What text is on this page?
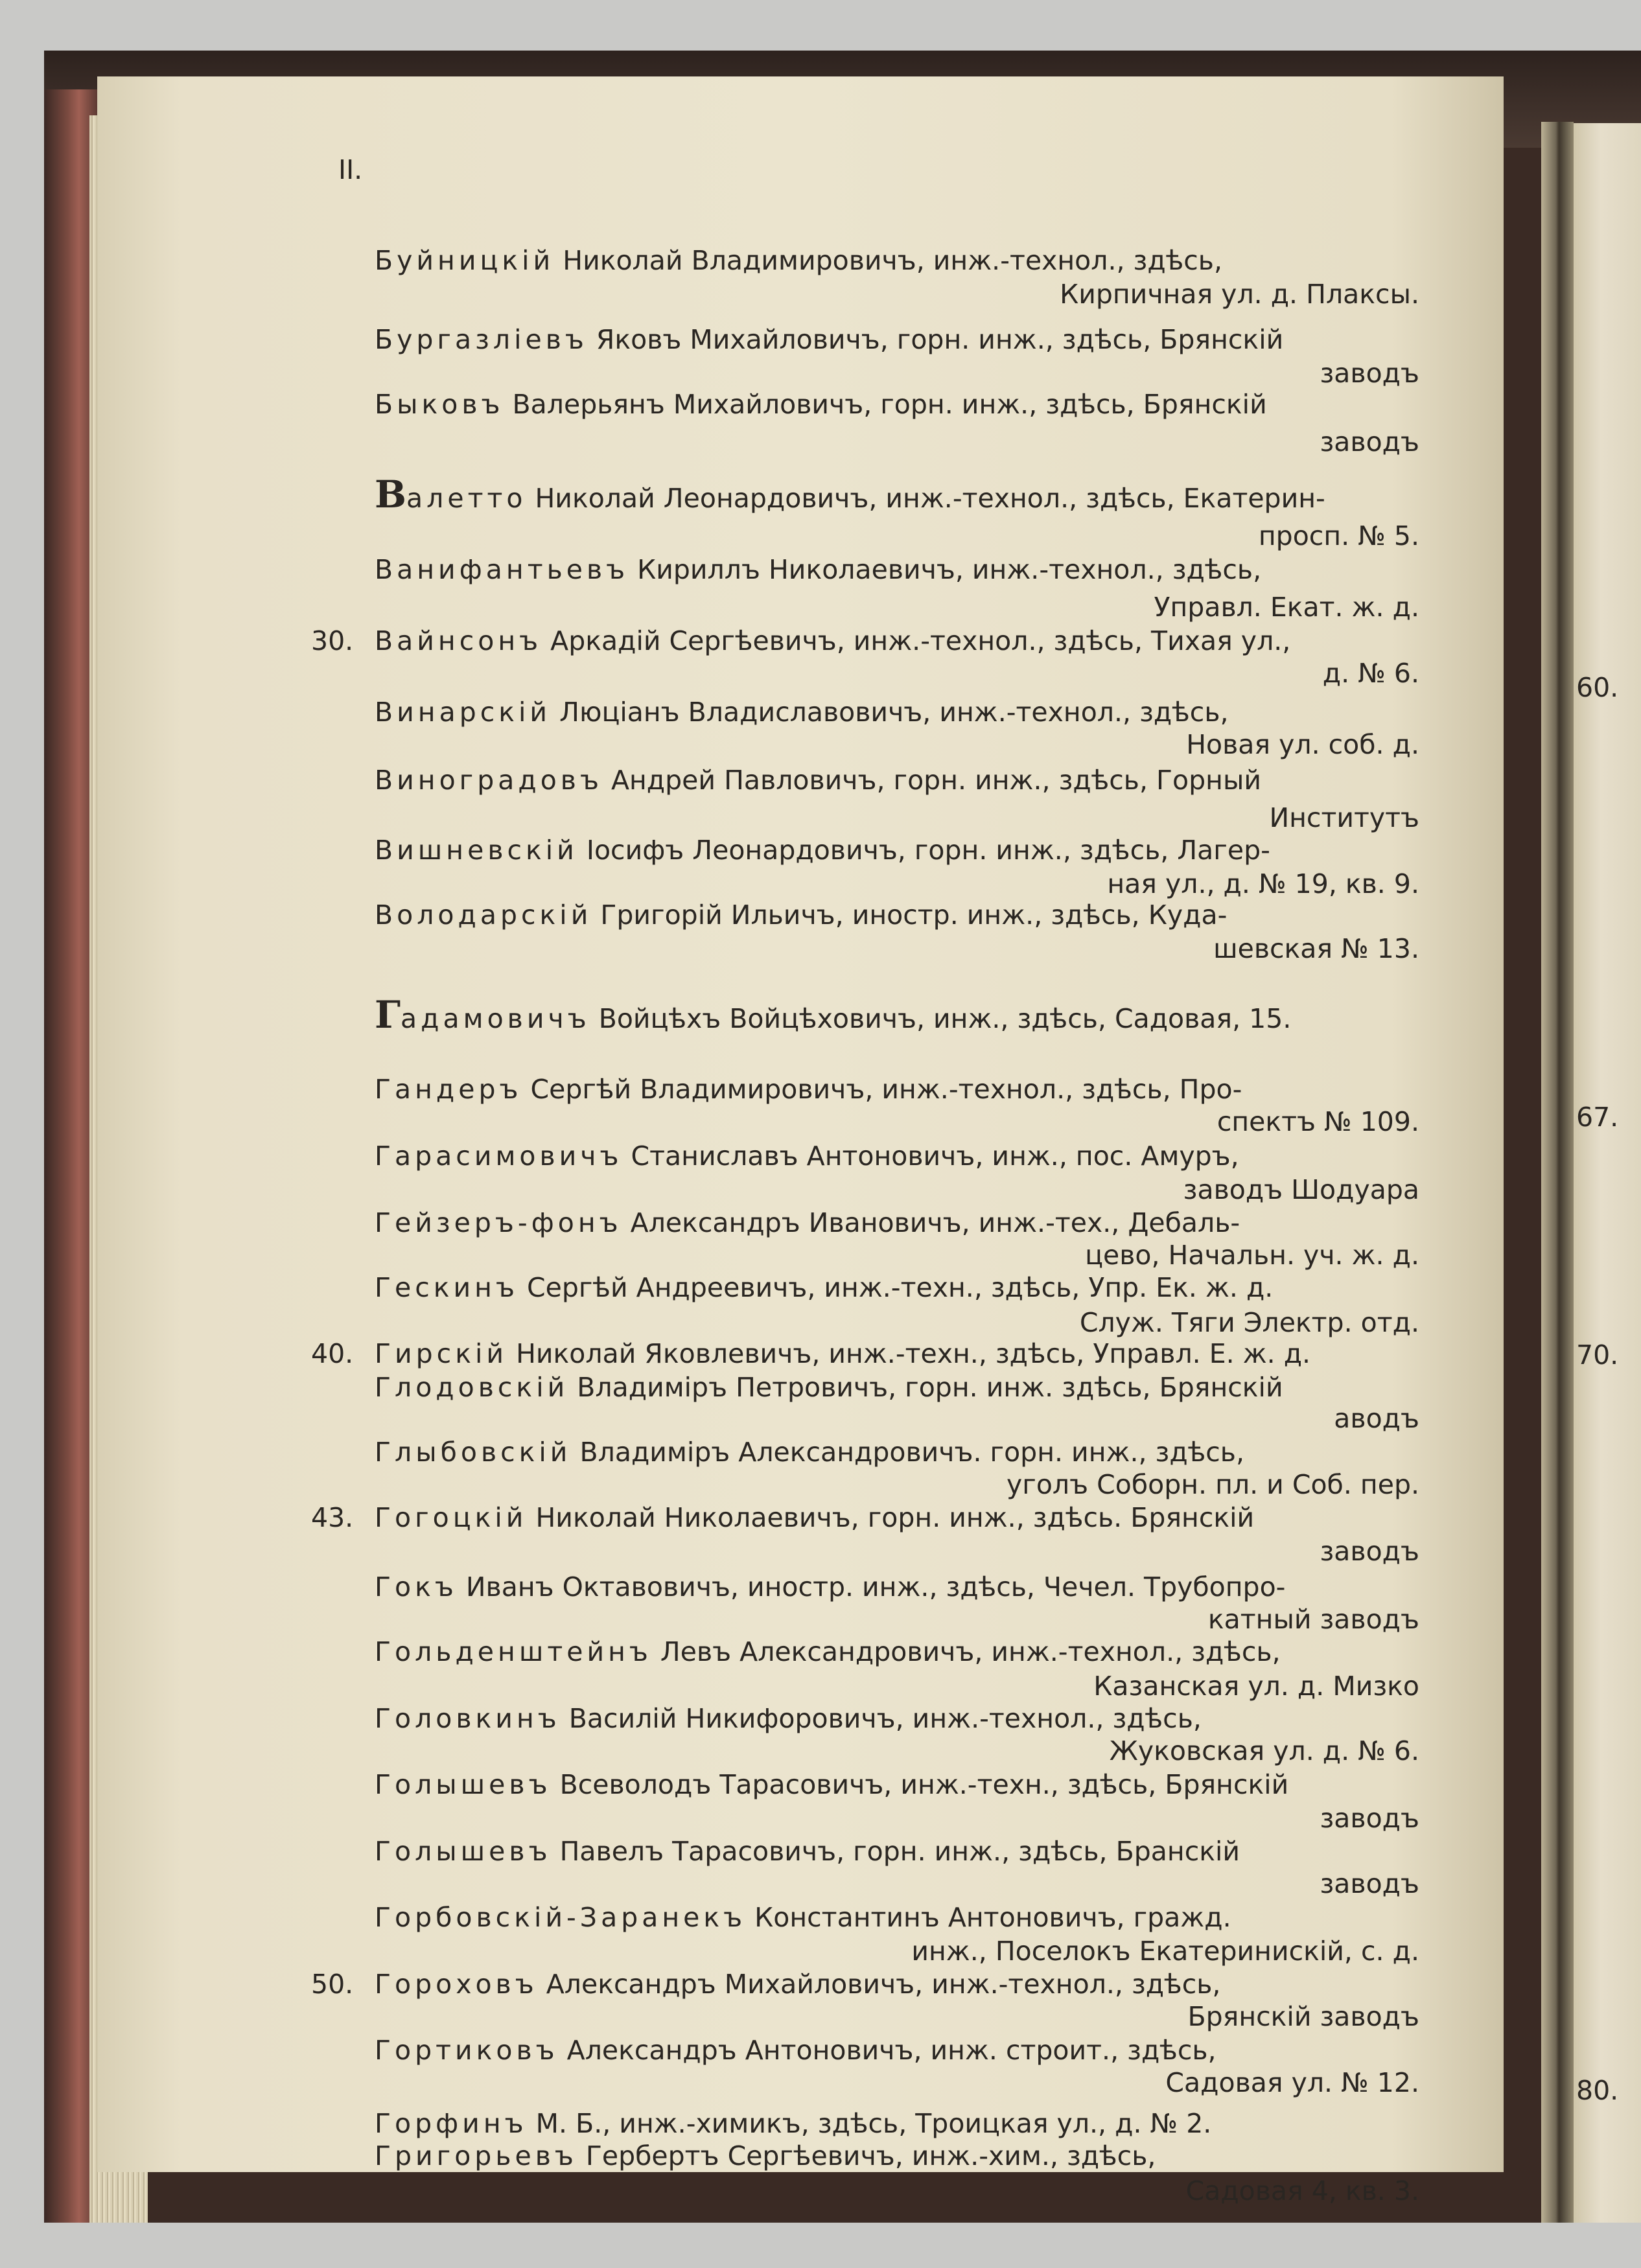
II.
Буйницкій Николай Владимировичъ, инж.-технол., здѣсь,
Кирпичная ул. д. Плаксы.
Бургазліевъ Яковъ Михайловичъ, горн. инж., здѣсь, Брянскій
заводъ
Быковъ Валерьянъ Михайловичъ, горн. инж., здѣсь, Брянскій
заводъ
Валетто Николай Леонардовичъ, инж.-технол., здѣсь, Екатерин-
просп. № 5.
Ванифантьевъ Кириллъ Николаевичъ, инж.-технол., здѣсь,
Управл. Екат. ж. д.
30. Вайнсонъ Аркадій Сергѣевичъ, инж.-технол., здѣсь, Тихая ул.,
д. № 6.
Винарскій Люціанъ Владиславовичъ, инж.-технол., здѣсь,
Новая ул. соб. д.
Виноградовъ Андрей Павловичъ, горн. инж., здѣсь, Горный
Институтъ
Вишневскій Іосифъ Леонардовичъ, горн. инж., здѣсь, Лагер-
ная ул., д. № 19, кв. 9.
Володарскій Григорій Ильичъ, иностр. инж., здѣсь, Куда-
шевская № 13.
Гадамовичъ Войцѣхъ Войцѣховичъ, инж., здѣсь, Садовая, 15.
Гандеръ Сергѣй Владимировичъ, инж.-технол., здѣсь, Про-
спектъ № 109.
Гарасимовичъ Станиславъ Антоновичъ, инж., пос. Амуръ,
заводъ Шодуара
Гейзеръ-фонъ Александръ Ивановичъ, инж.-тех., Дебаль-
цево, Начальн. уч. ж. д.
Гескинъ Сергѣй Андреевичъ, инж.-техн., здѣсь, Упр. Ек. ж. д.
Служ. Тяги Электр. отд.
40. Гирскій Николай Яковлевичъ, инж.-техн., здѣсь, Управл. Е. ж. д.
Глодовскій Владиміръ Петровичъ, горн. инж. здѣсь, Брянскій
аводъ
Глыбовскій Владиміръ Александровичъ. горн. инж., здѣсь,
уголъ Соборн. пл. и Соб. пер.
43. Гогоцкій Николай Николаевичъ, горн. инж., здѣсь. Брянскій
заводъ
Гокъ Иванъ Октавовичъ, иностр. инж., здѣсь, Чечел. Трубопро-
катный заводъ
Гольденштейнъ Левъ Александровичъ, инж.-технол., здѣсь,
Казанская ул. д. Мизко
Головкинъ Василій Никифоровичъ, инж.-технол., здѣсь,
Жуковская ул. д. № 6.
Голышевъ Всеволодъ Тарасовичъ, инж.-техн., здѣсь, Брянскій
заводъ
Голышевъ Павелъ Тарасовичъ, горн. инж., здѣсь, Бранскій
заводъ
Горбовскій-Заранекъ Константинъ Антоновичъ, гражд.
инж., Поселокъ Екатеринискій, с. д.
50. Гороховъ Александръ Михайловичъ, инж.-технол., здѣсь,
Брянскій заводъ
Гортиковъ Александръ Антоновичъ, инж. строит., здѣсь,
Садовая ул. № 12.
Горфинъ М. Б., инж.-химикъ, здѣсь, Троицкая ул., д. № 2.
Григорьевъ Гербертъ Сергѣевичъ, инж.-хим., здѣсь,
Садовая 4, кв. 3.
60.
67.
70.
80.
